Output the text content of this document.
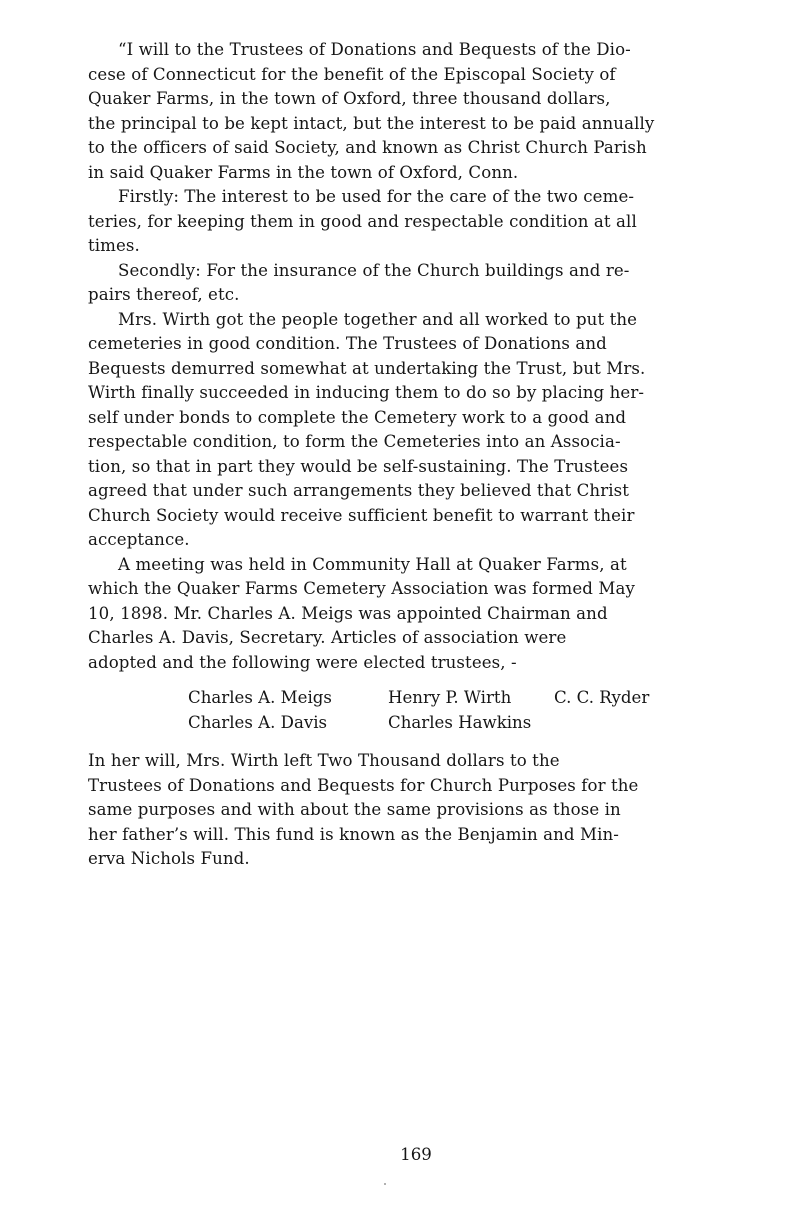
“I will to the Trustees of Donations and Bequests of the Dio-
cese of Connecticut for the benefit of the Episcopal Society of
Quaker Farms, in the town of Oxford, three thousand dollars,
the principal to be kept intact, but the interest to be paid annually
to the officers of said Society, and known as Christ Church Parish
in said Quaker Farms in the town of Oxford, Conn.
Firstly: The interest to be used for the care of the two ceme-
teries, for keeping them in good and respectable condition at all
times.
Secondly: For the insurance of the Church buildings and re-
pairs thereof, etc.
Mrs. Wirth got the people together and all worked to put the
cemeteries in good condition. The Trustees of Donations and
Bequests demurred somewhat at undertaking the Trust, but Mrs.
Wirth finally succeeded in inducing them to do so by placing her-
self under bonds to complete the Cemetery work to a good and
respectable condition, to form the Cemeteries into an Associa-
tion, so that in part they would be self-sustaining. The Trustees
agreed that under such arrangements they believed that Christ
Church Society would receive sufficient benefit to warrant their
acceptance.
A meeting was held in Community Hall at Quaker Farms, at
which the Quaker Farms Cemetery Association was formed May
10, 1898. Mr. Charles A. Meigs was appointed Chairman and
Charles A. Davis, Secretary. Articles of association were
adopted and the following were elected trustees, -
Charles A. Meigs	Henry P. Wirth	C. C. Ryder
Charles A. Davis	Charles Hawkins
In her will, Mrs. Wirth left Two Thousand dollars to the
Trustees of Donations and Bequests for Church Purposes for the
same purposes and with about the same provisions as those in
her father’s will. This fund is known as the Benjamin and Min-
erva Nichols Fund.
169
